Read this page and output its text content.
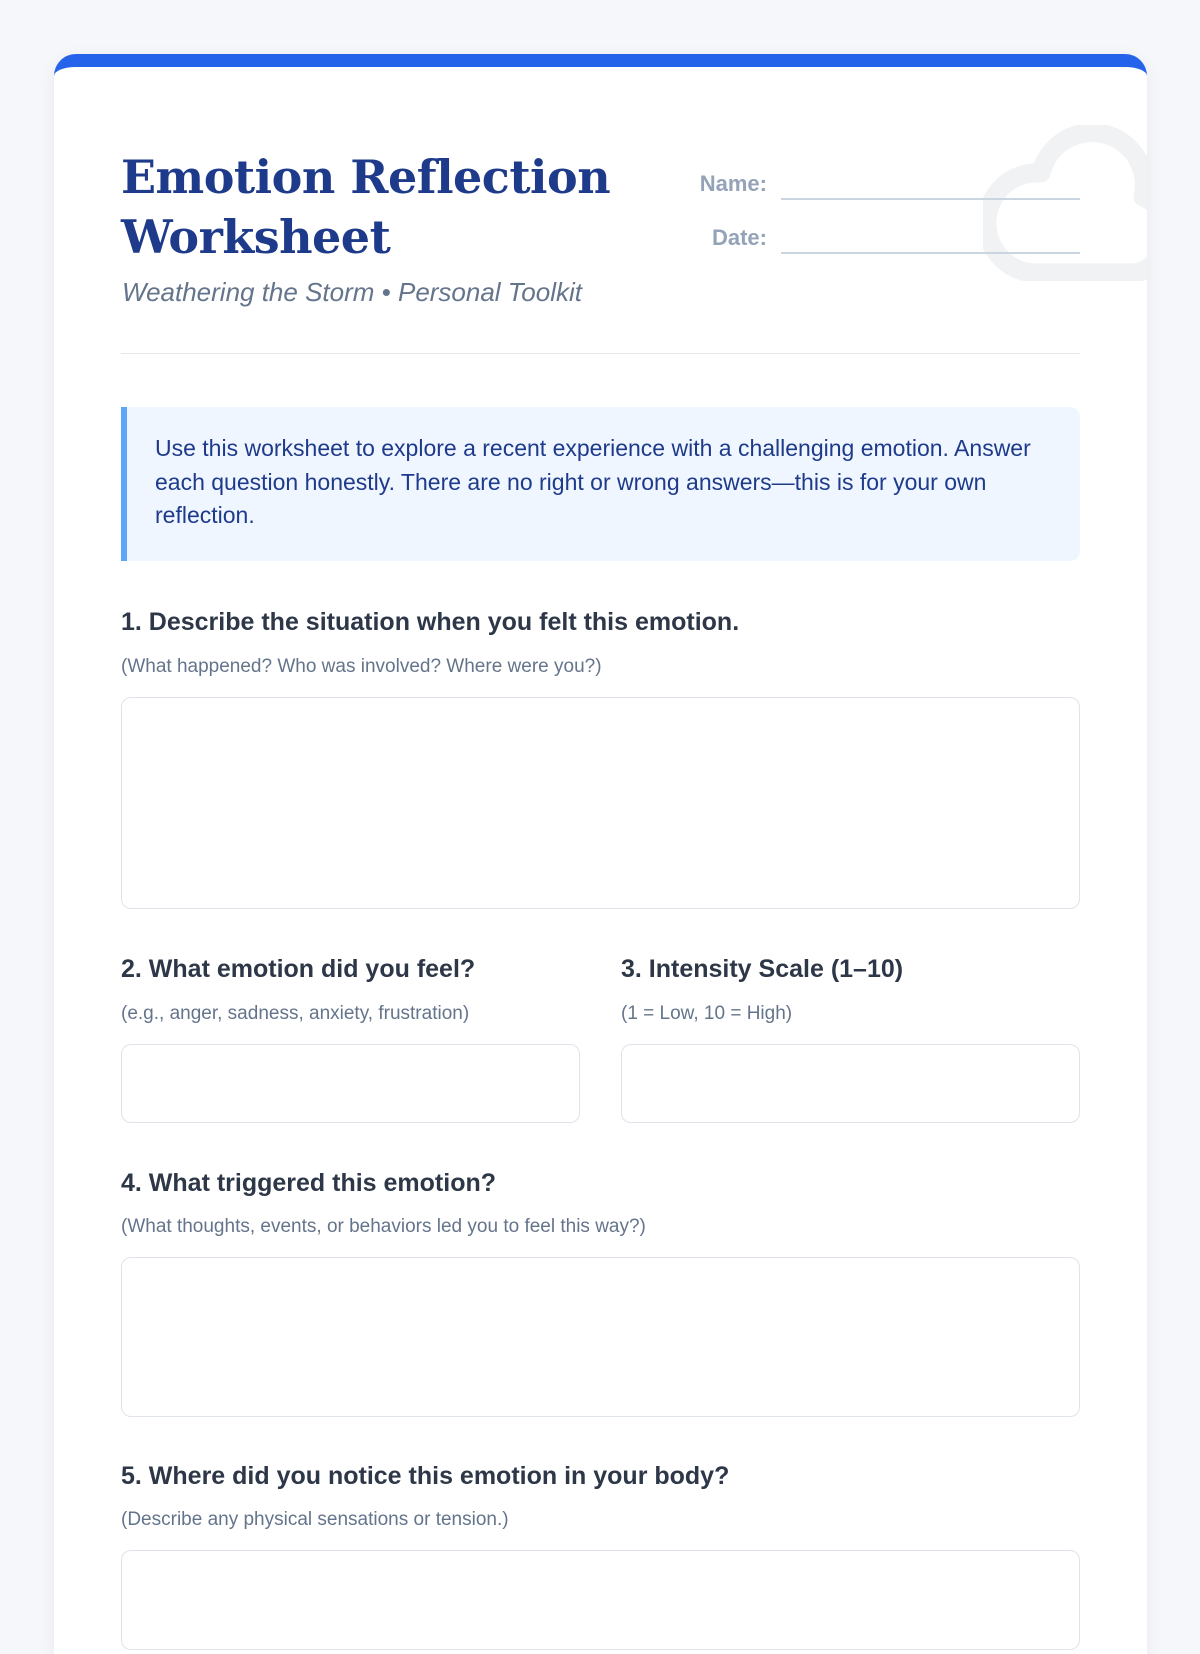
Emotion Reflection Worksheet
Weathering the Storm • Personal Toolkit
Name:
Date:
Use this worksheet to explore a recent experience with a challenging emotion. Answer each question honestly. There are no right or wrong answers—this is for your own reflection.
1. Describe the situation when you felt this emotion.
(What happened? Who was involved? Where were you?)
2. What emotion did you feel?
(e.g., anger, sadness, anxiety, frustration)
3. Intensity Scale (1–10)
(1 = Low, 10 = High)
4. What triggered this emotion?
(What thoughts, events, or behaviors led you to feel this way?)
5. Where did you notice this emotion in your body?
(Describe any physical sensations or tension.)
